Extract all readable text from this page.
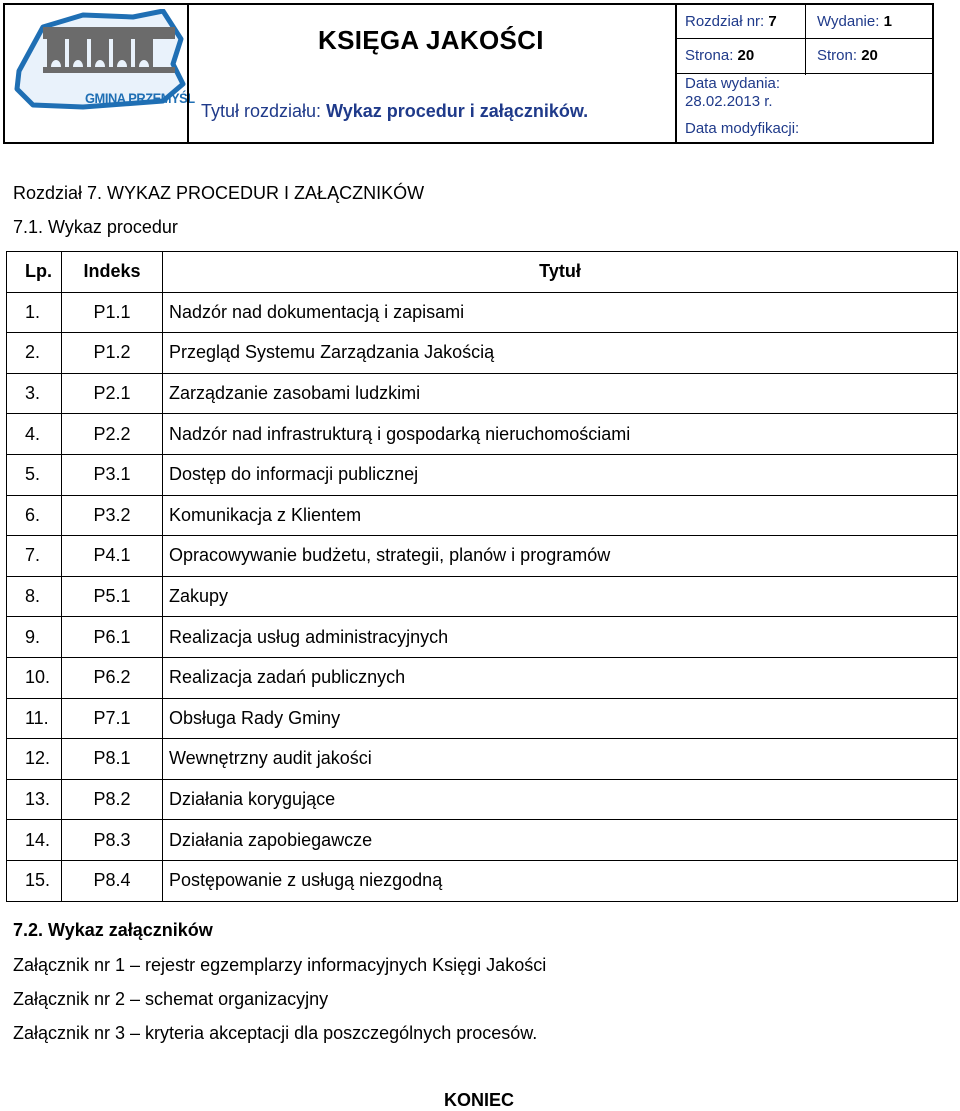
GMINA PRZEMYŚL
KSIĘGA JAKOŚCI
Tytuł rozdziału: Wykaz procedur i załączników.
Rozdział nr: 7	Wydanie: 1
Strona: 20	Stron: 20
Data wydania:
28.02.2013 r.
Data modyfikacji:
Rozdział 7. WYKAZ PROCEDUR I ZAŁĄCZNIKÓW
7.1. Wykaz procedur
Lp.	Indeks	Tytuł
1.	P1.1	Nadzór nad dokumentacją i zapisami
2.	P1.2	Przegląd Systemu Zarządzania Jakością
3.	P2.1	Zarządzanie zasobami ludzkimi
4.	P2.2	Nadzór nad infrastrukturą i gospodarką nieruchomościami
5.	P3.1	Dostęp do informacji publicznej
6.	P3.2	Komunikacja z Klientem
7.	P4.1	Opracowywanie budżetu, strategii, planów i programów
8.	P5.1	Zakupy
9.	P6.1	Realizacja usług administracyjnych
10.	P6.2	Realizacja zadań publicznych
11.	P7.1	Obsługa Rady Gminy
12.	P8.1	Wewnętrzny audit jakości
13.	P8.2	Działania korygujące
14.	P8.3	Działania zapobiegawcze
15.	P8.4	Postępowanie z usługą niezgodną
7.2. Wykaz załączników
Załącznik nr 1 – rejestr egzemplarzy informacyjnych Księgi Jakości
Załącznik nr 2 – schemat organizacyjny
Załącznik nr 3 – kryteria akceptacji dla poszczególnych procesów.
KONIEC
